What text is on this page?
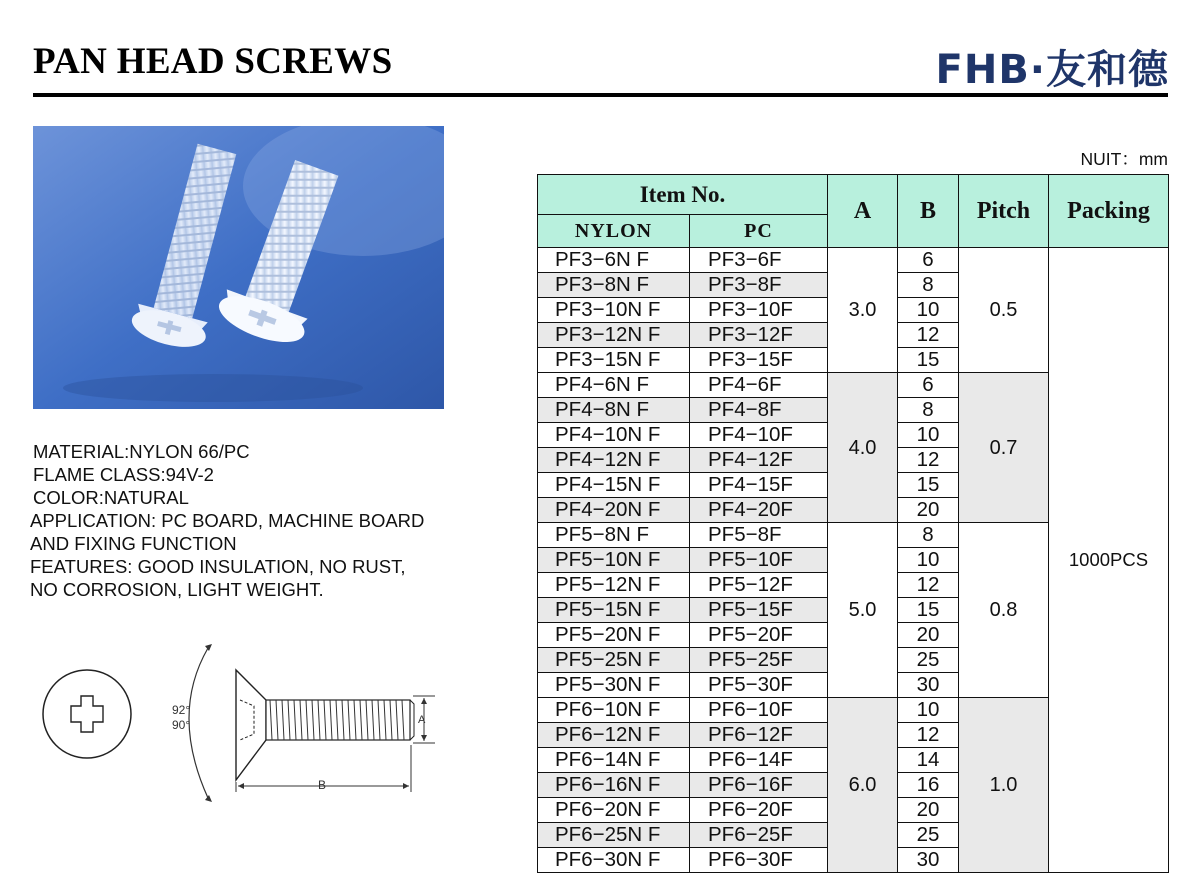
PAN HEAD SCREWS	FHB·友和德
MATERIAL:NYLON 66/PC
FLAME CLASS:94V-2
COLOR:NATURAL
APPLICATION: PC BOARD, MACHINE BOARD
AND FIXING FUNCTION
FEATURES: GOOD INSULATION, NO RUST,
NO CORROSION, LIGHT WEIGHT.
92°
90°	A
B
NUIT：mm
Item No.		A	B	Pitch	Packing
NYLON	PC				
PF3−6N F	PF3−6F	3.0	6	0.5	1000PCS
PF3−8N F	PF3−8F		8		
PF3−10N F	PF3−10F		10		
PF3−12N F	PF3−12F		12		
PF3−15N F	PF3−15F		15		
PF4−6N F	PF4−6F	4.0	6	0.7	
PF4−8N F	PF4−8F		8		
PF4−10N F	PF4−10F		10		
PF4−12N F	PF4−12F		12		
PF4−15N F	PF4−15F		15		
PF4−20N F	PF4−20F		20		
PF5−8N F	PF5−8F	5.0	8	0.8	
PF5−10N F	PF5−10F		10		
PF5−12N F	PF5−12F		12		
PF5−15N F	PF5−15F		15		
PF5−20N F	PF5−20F		20		
PF5−25N F	PF5−25F		25		
PF5−30N F	PF5−30F		30		
PF6−10N F	PF6−10F	6.0	10	1.0	
PF6−12N F	PF6−12F		12		
PF6−14N F	PF6−14F		14		
PF6−16N F	PF6−16F		16		
PF6−20N F	PF6−20F		20		
PF6−25N F	PF6−25F		25		
PF6−30N F	PF6−30F		30		
